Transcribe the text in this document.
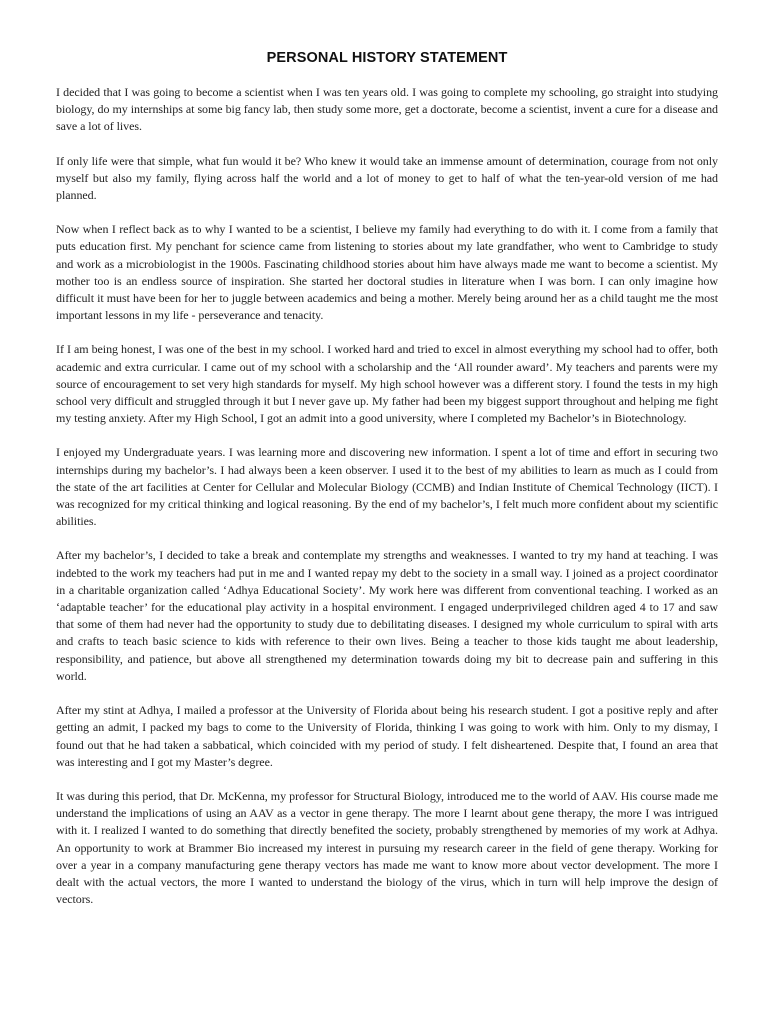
PERSONAL HISTORY STATEMENT

I decided that I was going to become a scientist when I was ten years old. I was going to complete my schooling, go straight into studying biology, do my internships at some big fancy lab, then study some more, get a doctorate, become a scientist, invent a cure for a disease and save a lot of lives.

If only life were that simple, what fun would it be? Who knew it would take an immense amount of determination, courage from not only myself but also my family, flying across half the world and a lot of money to get to half of what the ten-year-old version of me had planned.

Now when I reflect back as to why I wanted to be a scientist, I believe my family had everything to do with it. I come from a family that puts education first. My penchant for science came from listening to stories about my late grandfather, who went to Cambridge to study and work as a microbiologist in the 1900s. Fascinating childhood stories about him have always made me want to become a scientist. My mother too is an endless source of inspiration. She started her doctoral studies in literature when I was born. I can only imagine how difficult it must have been for her to juggle between academics and being a mother. Merely being around her as a child taught me the most important lessons in my life - perseverance and tenacity.

If I am being honest, I was one of the best in my school. I worked hard and tried to excel in almost everything my school had to offer, both academic and extra curricular. I came out of my school with a scholarship and the ‘All rounder award’. My teachers and parents were my source of encouragement to set very high standards for myself. My high school however was a different story. I found the tests in my high school very difficult and struggled through it but I never gave up. My father had been my biggest support throughout and helping me fight my testing anxiety. After my High School, I got an admit into a good university, where I completed my Bachelor’s in Biotechnology.

I enjoyed my Undergraduate years. I was learning more and discovering new information. I spent a lot of time and effort in securing two internships during my bachelor’s. I had always been a keen observer. I used it to the best of my abilities to learn as much as I could from the state of the art facilities at Center for Cellular and Molecular Biology (CCMB) and Indian Institute of Chemical Technology (IICT). I was recognized for my critical thinking and logical reasoning. By the end of my bachelor’s, I felt much more confident about my scientific abilities.

After my bachelor’s, I decided to take a break and contemplate my strengths and weaknesses. I wanted to try my hand at teaching. I was indebted to the work my teachers had put in me and I wanted repay my debt to the society in a small way. I joined as a project coordinator in a charitable organization called ‘Adhya Educational Society’. My work here was different from conventional teaching. I worked as an ‘adaptable teacher’ for the educational play activity in a hospital environment. I engaged underprivileged children aged 4 to 17 and saw that some of them had never had the opportunity to study due to debilitating diseases. I designed my whole curriculum to spiral with arts and crafts to teach basic science to kids with reference to their own lives. Being a teacher to those kids taught me about leadership, responsibility, and patience, but above all strengthened my determination towards doing my bit to decrease pain and suffering in this world.

After my stint at Adhya, I mailed a professor at the University of Florida about being his research student. I got a positive reply and after getting an admit, I packed my bags to come to the University of Florida, thinking I was going to work with him. Only to my dismay, I found out that he had taken a sabbatical, which coincided with my period of study. I felt disheartened. Despite that, I found an area that was interesting and I got my Master’s degree.

It was during this period, that Dr. McKenna, my professor for Structural Biology, introduced me to the world of AAV. His course made me understand the implications of using an AAV as a vector in gene therapy. The more I learnt about gene therapy, the more I was intrigued with it. I realized I wanted to do something that directly benefited the society, probably strengthened by memories of my work at Adhya. An opportunity to work at Brammer Bio increased my interest in pursuing my research career in the field of gene therapy. Working for over a year in a company manufacturing gene therapy vectors has made me want to know more about vector development. The more I dealt with the actual vectors, the more I wanted to understand the biology of the virus, which in turn will help improve the design of vectors.
